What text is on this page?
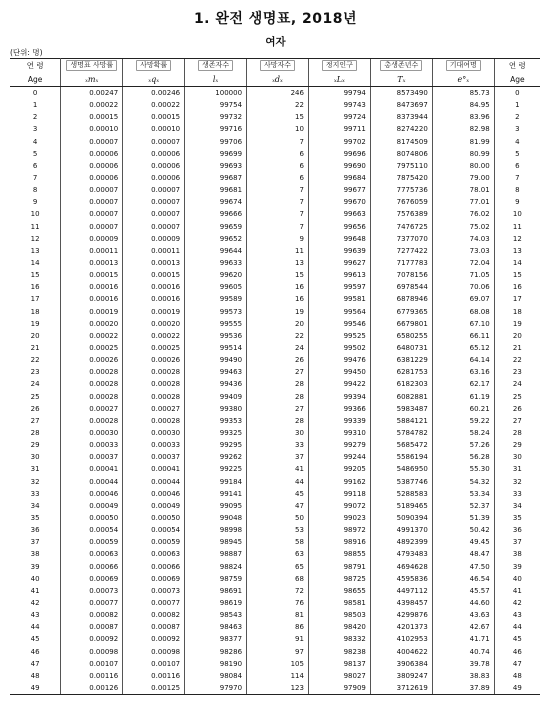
1. 완전 생명표, 2018년
여자
(단위: 명)
연 령	생명표 사망률	사망확률	생존자수	사망자수	정지인구	총생존년수	기대여명	연 령
Age	ₓmₓ	ₓqₓ	lₓ	ₓdₓ	ₓLₓ	Tₓ	e°ₓ	Age
0	0.00247	0.00246	100000	246	99794	8573490	85.73	0
1	0.00022	0.00022	99754	22	99743	8473697	84.95	1
2	0.00015	0.00015	99732	15	99724	8373944	83.96	2
3	0.00010	0.00010	99716	10	99711	8274220	82.98	3
4	0.00007	0.00007	99706	7	99702	8174509	81.99	4
5	0.00006	0.00006	99699	6	99696	8074806	80.99	5
6	0.00006	0.00006	99693	6	99690	7975110	80.00	6
7	0.00006	0.00006	99687	6	99684	7875420	79.00	7
8	0.00007	0.00007	99681	7	99677	7775736	78.01	8
9	0.00007	0.00007	99674	7	99670	7676059	77.01	9
10	0.00007	0.00007	99666	7	99663	7576389	76.02	10
11	0.00007	0.00007	99659	7	99656	7476725	75.02	11
12	0.00009	0.00009	99652	9	99648	7377070	74.03	12
13	0.00011	0.00011	99644	11	99639	7277422	73.03	13
14	0.00013	0.00013	99633	13	99627	7177783	72.04	14
15	0.00015	0.00015	99620	15	99613	7078156	71.05	15
16	0.00016	0.00016	99605	16	99597	6978544	70.06	16
17	0.00016	0.00016	99589	16	99581	6878946	69.07	17
18	0.00019	0.00019	99573	19	99564	6779365	68.08	18
19	0.00020	0.00020	99555	20	99546	6679801	67.10	19
20	0.00022	0.00022	99536	22	99525	6580255	66.11	20
21	0.00025	0.00025	99514	24	99502	6480731	65.12	21
22	0.00026	0.00026	99490	26	99476	6381229	64.14	22
23	0.00028	0.00028	99463	27	99450	6281753	63.16	23
24	0.00028	0.00028	99436	28	99422	6182303	62.17	24
25	0.00028	0.00028	99409	28	99394	6082881	61.19	25
26	0.00027	0.00027	99380	27	99366	5983487	60.21	26
27	0.00028	0.00028	99353	28	99339	5884121	59.22	27
28	0.00030	0.00030	99325	30	99310	5784782	58.24	28
29	0.00033	0.00033	99295	33	99279	5685472	57.26	29
30	0.00037	0.00037	99262	37	99244	5586194	56.28	30
31	0.00041	0.00041	99225	41	99205	5486950	55.30	31
32	0.00044	0.00044	99184	44	99162	5387746	54.32	32
33	0.00046	0.00046	99141	45	99118	5288583	53.34	33
34	0.00049	0.00049	99095	47	99072	5189465	52.37	34
35	0.00050	0.00050	99048	50	99023	5090394	51.39	35
36	0.00054	0.00054	98998	53	98972	4991370	50.42	36
37	0.00059	0.00059	98945	58	98916	4892399	49.45	37
38	0.00063	0.00063	98887	63	98855	4793483	48.47	38
39	0.00066	0.00066	98824	65	98791	4694628	47.50	39
40	0.00069	0.00069	98759	68	98725	4595836	46.54	40
41	0.00073	0.00073	98691	72	98655	4497112	45.57	41
42	0.00077	0.00077	98619	76	98581	4398457	44.60	42
43	0.00082	0.00082	98543	81	98503	4299876	43.63	43
44	0.00087	0.00087	98463	86	98420	4201373	42.67	44
45	0.00092	0.00092	98377	91	98332	4102953	41.71	45
46	0.00098	0.00098	98286	97	98238	4004622	40.74	46
47	0.00107	0.00107	98190	105	98137	3906384	39.78	47
48	0.00116	0.00116	98084	114	98027	3809247	38.83	48
49	0.00126	0.00125	97970	123	97909	3712619	37.89	49
